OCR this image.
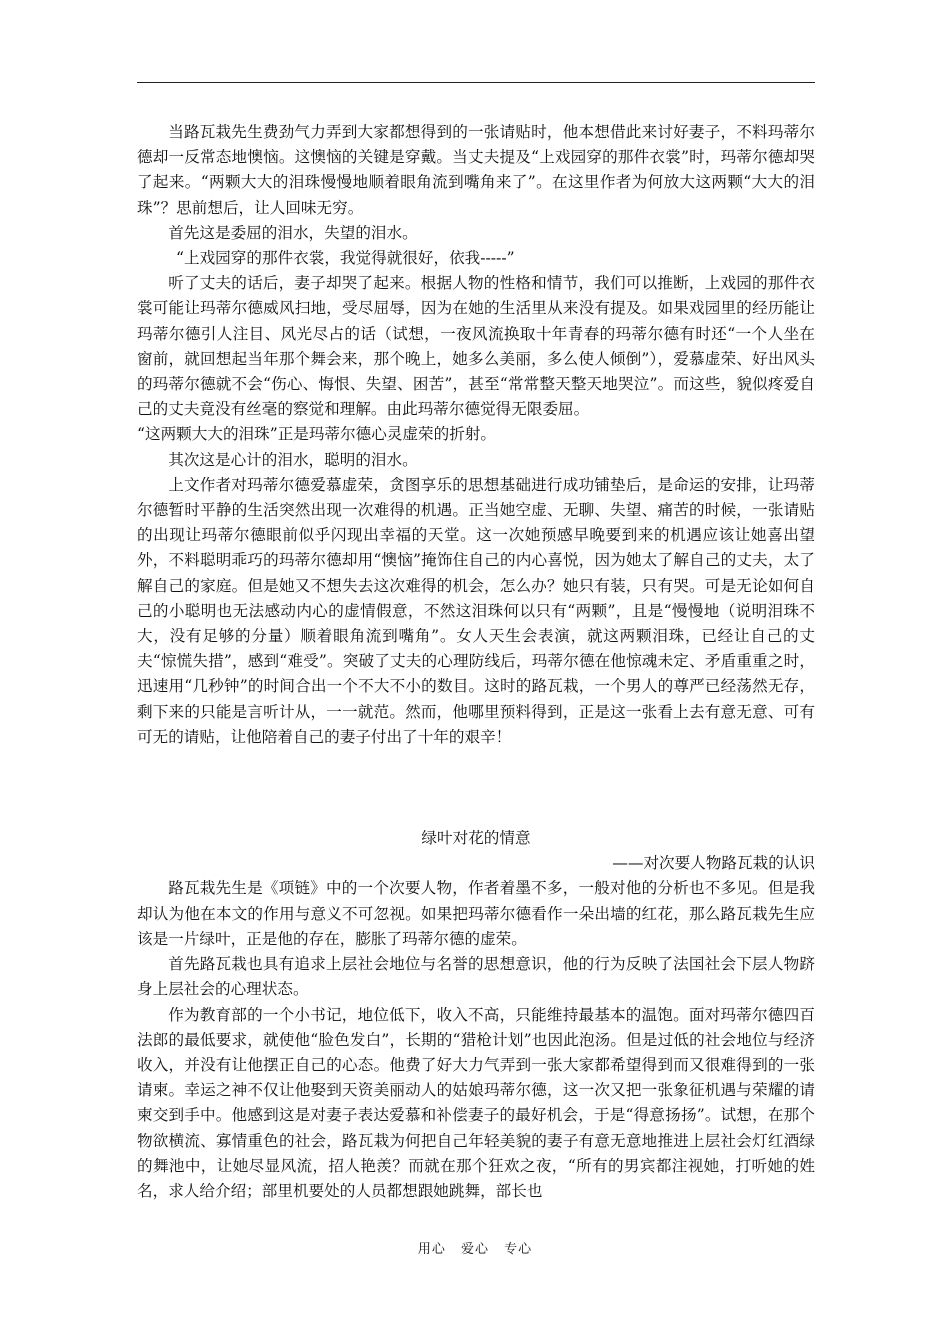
当路瓦栽先生费劲气力弄到大家都想得到的一张请贴时，他本想借此来讨好妻子，不料玛蒂尔德却一反常态地懊恼。这懊恼的关键是穿戴。当丈夫提及“上戏园穿的那件衣裳”时，玛蒂尔德却哭了起来。“两颗大大的泪珠慢慢地顺着眼角流到嘴角来了”。在这里作者为何放大这两颗“大大的泪珠”？思前想后，让人回味无穷。

首先这是委屈的泪水，失望的泪水。

“上戏园穿的那件衣裳，我觉得就很好，依我-----”

听了丈夫的话后，妻子却哭了起来。根据人物的性格和情节，我们可以推断，上戏园的那件衣裳可能让玛蒂尔德威风扫地，受尽屈辱，因为在她的生活里从来没有提及。如果戏园里的经历能让玛蒂尔德引人注目、风光尽占的话（试想，一夜风流换取十年青春的玛蒂尔德有时还“一个人坐在窗前，就回想起当年那个舞会来，那个晚上，她多么美丽，多么使人倾倒”），爱慕虚荣、好出风头的玛蒂尔德就不会“伤心、悔恨、失望、困苦”，甚至“常常整天整天地哭泣”。而这些，貌似疼爱自己的丈夫竟没有丝毫的察觉和理解。由此玛蒂尔德觉得无限委屈。

“这两颗大大的泪珠”正是玛蒂尔德心灵虚荣的折射。

其次这是心计的泪水，聪明的泪水。

上文作者对玛蒂尔德爱慕虚荣，贪图享乐的思想基础进行成功铺垫后，是命运的安排，让玛蒂尔德暂时平静的生活突然出现一次难得的机遇。正当她空虚、无聊、失望、痛苦的时候，一张请贴的出现让玛蒂尔德眼前似乎闪现出幸福的天堂。这一次她预感早晚要到来的机遇应该让她喜出望外，不料聪明乖巧的玛蒂尔德却用“懊恼”掩饰住自己的内心喜悦，因为她太了解自己的丈夫，太了解自己的家庭。但是她又不想失去这次难得的机会，怎么办？她只有装，只有哭。可是无论如何自己的小聪明也无法感动内心的虚情假意，不然这泪珠何以只有“两颗”，且是“慢慢地（说明泪珠不大，没有足够的分量）顺着眼角流到嘴角”。女人天生会表演，就这两颗泪珠，已经让自己的丈夫“惊慌失措”，感到“难受”。突破了丈夫的心理防线后，玛蒂尔德在他惊魂未定、矛盾重重之时，迅速用“几秒钟”的时间合出一个不大不小的数目。这时的路瓦栽，一个男人的尊严已经荡然无存，剩下来的只能是言听计从，一一就范。然而，他哪里预料得到，正是这一张看上去有意无意、可有可无的请贴，让他陪着自己的妻子付出了十年的艰辛！

绿叶对花的情意

——对次要人物路瓦栽的认识

路瓦栽先生是《项链》中的一个次要人物，作者着墨不多，一般对他的分析也不多见。但是我却认为他在本文的作用与意义不可忽视。如果把玛蒂尔德看作一朵出墙的红花，那么路瓦栽先生应该是一片绿叶，正是他的存在，膨胀了玛蒂尔德的虚荣。

首先路瓦栽也具有追求上层社会地位与名誉的思想意识，他的行为反映了法国社会下层人物跻身上层社会的心理状态。

作为教育部的一个小书记，地位低下，收入不高，只能维持最基本的温饱。面对玛蒂尔德四百法郎的最低要求，就使他“脸色发白”，长期的“猎枪计划”也因此泡汤。但是过低的社会地位与经济收入，并没有让他摆正自己的心态。他费了好大力气弄到一张大家都希望得到而又很难得到的一张请柬。幸运之神不仅让他娶到天资美丽动人的姑娘玛蒂尔德，这一次又把一张象征机遇与荣耀的请柬交到手中。他感到这是对妻子表达爱慕和补偿妻子的最好机会，于是“得意扬扬”。试想，在那个物欲横流、寡情重色的社会，路瓦栽为何把自己年轻美貌的妻子有意无意地推进上层社会灯红酒绿的舞池中，让她尽显风流，招人艳羡？而就在那个狂欢之夜，“所有的男宾都注视她，打听她的姓名，求人给介绍；部里机要处的人员都想跟她跳舞，部长也

用心 爱心 专心
